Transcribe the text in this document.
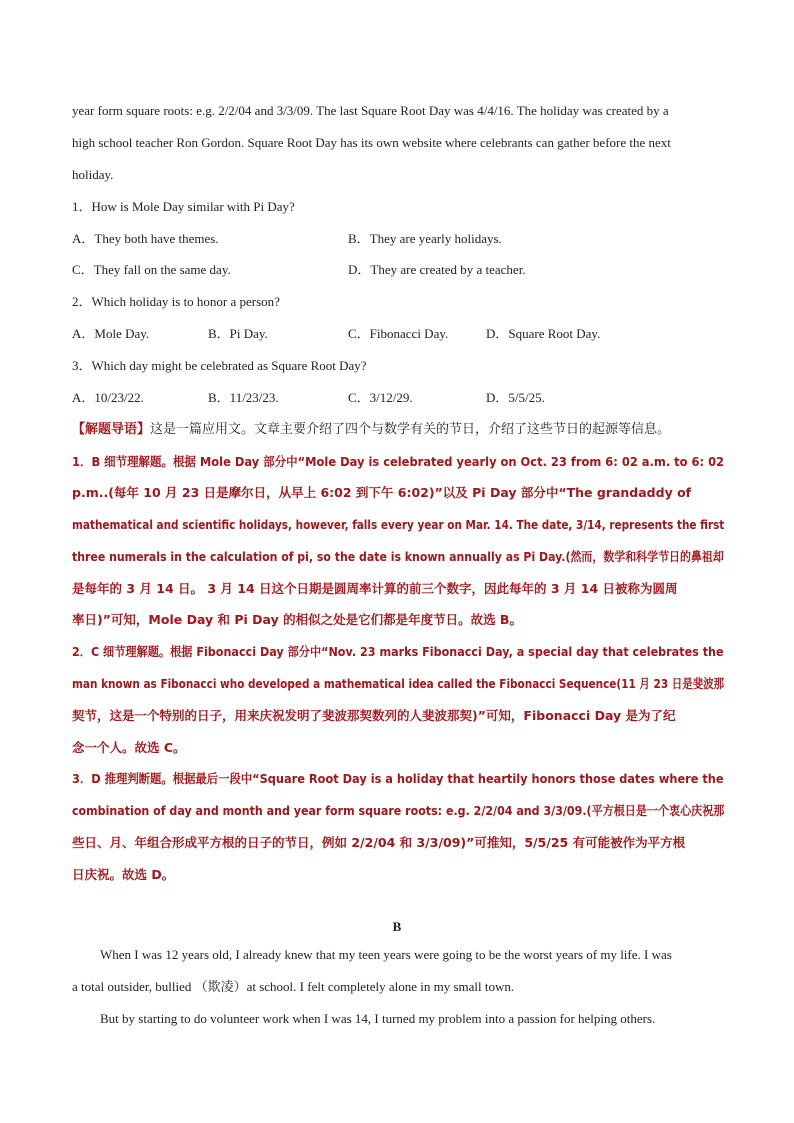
year form square roots: e.g. 2/2/04 and 3/3/09. The last Square Root Day was 4/4/16. The holiday was created by a
high school teacher Ron Gordon. Square Root Day has its own website where celebrants can gather before the next
holiday.
1．How is Mole Day similar with Pi Day?
A．They both have themes.	B．They are yearly holidays.
C．They fall on the same day.	D．They are created by a teacher.
2．Which holiday is to honor a person?
A．Mole Day.	B．Pi Day.	C．Fibonacci Day.	D．Square Root Day.
3．Which day might be celebrated as Square Root Day?
A．10/23/22.	B．11/23/23.	C．3/12/29.	D．5/5/25.
【解题导语】这是一篇应用文。文章主要介绍了四个与数学有关的节日，介绍了这些节日的起源等信息。
1．B 细节理解题。根据 Mole Day 部分中“Mole Day is celebrated yearly on Oct. 23 from 6: 02 a.m. to 6: 02
p.m..(每年 10 月 23 日是摩尔日，从早上 6:02 到下午 6:02)”以及 Pi Day 部分中“The grandaddy of
mathematical and scientific holidays, however, falls every year on Mar. 14. The date, 3/14, represents the first
three numerals in the calculation of pi, so the date is known annually as Pi Day.(然而，数学和科学节日的鼻祖却
是每年的 3 月 14 日。 3 月 14 日这个日期是圆周率计算的前三个数字，因此每年的 3 月 14 日被称为圆周
率日)”可知，Mole Day 和 Pi Day 的相似之处是它们都是年度节日。故选 B。
2．C 细节理解题。根据 Fibonacci Day 部分中“Nov. 23 marks Fibonacci Day, a special day that celebrates the
man known as Fibonacci who developed a mathematical idea called the Fibonacci Sequence(11 月 23 日是斐波那
契节，这是一个特别的日子，用来庆祝发明了斐波那契数列的人斐波那契)”可知，Fibonacci Day 是为了纪
念一个人。故选 C。
3．D 推理判断题。根据最后一段中“Square Root Day is a holiday that heartily honors those dates where the
combination of day and month and year form square roots: e.g. 2/2/04 and 3/3/09.(平方根日是一个衷心庆祝那
些日、月、年组合形成平方根的日子的节日，例如 2/2/04 和 3/3/09)”可推知，5/5/25 有可能被作为平方根
日庆祝。故选 D。
B
When I was 12 years old, I already knew that my teen years were going to be the worst years of my life. I was
a total outsider, bullied （欺凌）at school. I felt completely alone in my small town.
But by starting to do volunteer work when I was 14, I turned my problem into a passion for helping others.
